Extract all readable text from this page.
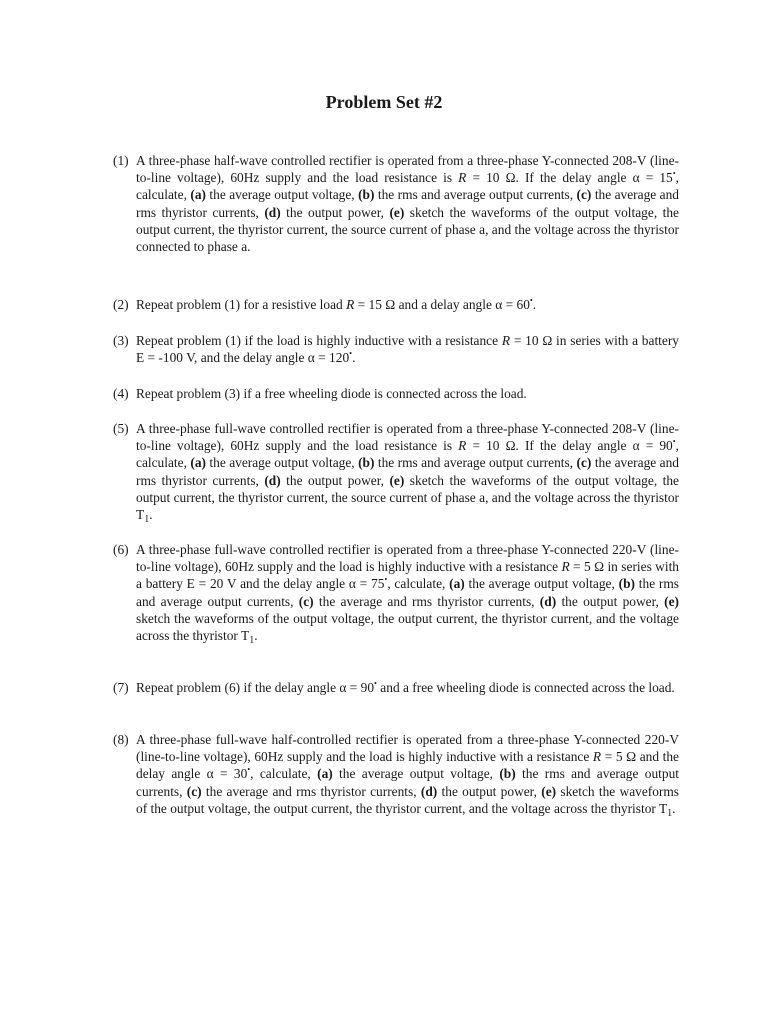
Problem Set #2
(1) A three-phase half-wave controlled rectifier is operated from a three-phase Y-connected 208-V (line-to-line voltage), 60Hz supply and the load resistance is R = 10 Ω. If the delay angle α = 15•, calculate, (a) the average output voltage, (b) the rms and average output currents, (c) the average and rms thyristor currents, (d) the output power, (e) sketch the waveforms of the output voltage, the output current, the thyristor current, the source current of phase a, and the voltage across the thyristor connected to phase a.
(2) Repeat problem (1) for a resistive load R = 15 Ω and a delay angle α = 60•.
(3) Repeat problem (1) if the load is highly inductive with a resistance R = 10 Ω in series with a battery E = -100 V, and the delay angle α = 120•.
(4) Repeat problem (3) if a free wheeling diode is connected across the load.
(5) A three-phase full-wave controlled rectifier is operated from a three-phase Y-connected 208-V (line-to-line voltage), 60Hz supply and the load resistance is R = 10 Ω. If the delay angle α = 90•, calculate, (a) the average output voltage, (b) the rms and average output currents, (c) the average and rms thyristor currents, (d) the output power, (e) sketch the waveforms of the output voltage, the output current, the thyristor current, the source current of phase a, and the voltage across the thyristor $T_1$.
(6) A three-phase full-wave controlled rectifier is operated from a three-phase Y-connected 220-V (line-to-line voltage), 60Hz supply and the load is highly inductive with a resistance R = 5 Ω in series with a battery E = 20 V and the delay angle α = 75•, calculate, (a) the average output voltage, (b) the rms and average output currents, (c) the average and rms thyristor currents, (d) the output power, (e) sketch the waveforms of the output voltage, the output current, the thyristor current, and the voltage across the thyristor $T_1$.
(7) Repeat problem (6) if the delay angle α = 90• and a free wheeling diode is connected across the load.
(8) A three-phase full-wave half-controlled rectifier is operated from a three-phase Y-connected 220-V (line-to-line voltage), 60Hz supply and the load is highly inductive with a resistance R = 5 Ω and the delay angle α = 30•, calculate, (a) the average output voltage, (b) the rms and average output currents, (c) the average and rms thyristor currents, (d) the output power, (e) sketch the waveforms of the output voltage, the output current, the thyristor current, and the voltage across the thyristor $T_1$.
